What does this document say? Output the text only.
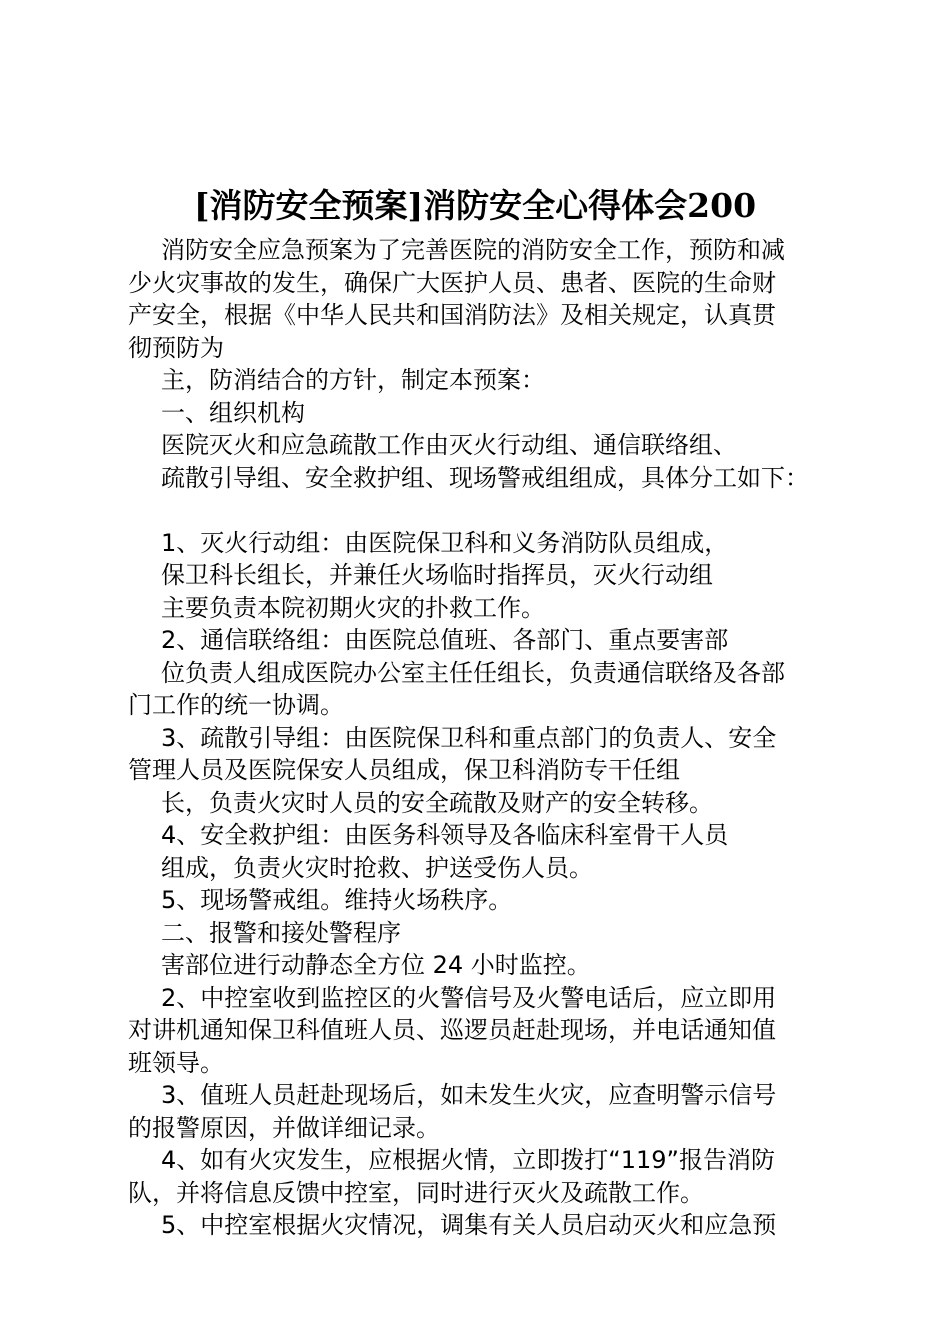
[消防安全预案]消防安全心得体会200
消防安全应急预案为了完善医院的消防安全工作，预防和减
少火灾事故的发生，确保广大医护人员、患者、医院的生命财
产安全，根据《中华人民共和国消防法》及相关规定，认真贯
彻预防为
主，防消结合的方针，制定本预案：
一、组织机构
医院灭火和应急疏散工作由灭火行动组、通信联络组、
疏散引导组、安全救护组、现场警戒组组成，具体分工如下：
1、灭火行动组：由医院保卫科和义务消防队员组成，
保卫科长组长，并兼任火场临时指挥员，灭火行动组
主要负责本院初期火灾的扑救工作。
2、通信联络组：由医院总值班、各部门、重点要害部
位负责人组成医院办公室主任任组长，负责通信联络及各部
门工作的统一协调。
3、疏散引导组：由医院保卫科和重点部门的负责人、安全
管理人员及医院保安人员组成，保卫科消防专干任组
长，负责火灾时人员的安全疏散及财产的安全转移。
4、安全救护组：由医务科领导及各临床科室骨干人员
组成，负责火灾时抢救、护送受伤人员。
5、现场警戒组。维持火场秩序。
二、报警和接处警程序
害部位进行动静态全方位 24 小时监控。
2、中控室收到监控区的火警信号及火警电话后，应立即用
对讲机通知保卫科值班人员、巡逻员赶赴现场，并电话通知值
班领导。
3、值班人员赶赴现场后，如未发生火灾，应查明警示信号
的报警原因，并做详细记录。
4、如有火灾发生，应根据火情，立即拨打“119”报告消防
队，并将信息反馈中控室，同时进行灭火及疏散工作。
5、中控室根据火灾情况，调集有关人员启动灭火和应急预
